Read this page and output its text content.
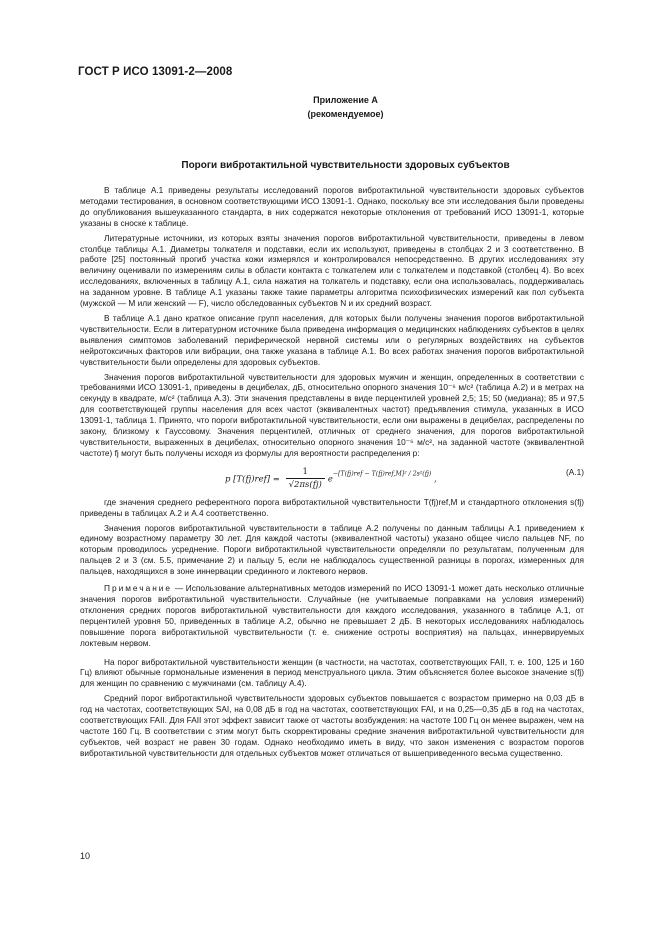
ГОСТ Р ИСО 13091-2—2008
Приложение А
(рекомендуемое)
Пороги вибротактильной чувствительности здоровых субъектов

В таблице А.1 приведены результаты исследований порогов вибротактильной чувствительности здоровых субъектов методами тестирования, в основном соответствующими ИСО 13091-1. Однако, поскольку все эти исследования были проведены до опубликования вышеуказанного стандарта, в них содержатся некоторые отклонения от требований ИСО 13091-1, которые указаны в сноске к таблице.

Литературные источники, из которых взяты значения порогов вибротактильной чувствительности, приведены в левом столбце таблицы А.1. Диаметры толкателя и подставки, если их используют, приведены в столбцах 2 и 3 соответственно. В работе [25] постоянный прогиб участка кожи измерялся и контролировался непосредственно. В других исследованиях эту величину оценивали по измерениям силы в области контакта с толкателем или с толкателем и подставкой (столбец 4). Во всех исследованиях, включенных в таблицу А.1, сила нажатия на толкатель и подставку, если она использовалась, поддерживалась на заданном уровне. В таблице А.1 указаны также такие параметры алгоритма психофизических измерений как пол субъекта (мужской — М или женский — F), число обследованных субъектов N и их средний возраст.

В таблице А.1 дано краткое описание групп населения, для которых были получены значения порогов вибротактильной чувствительности. Если в литературном источнике была приведена информация о медицинских наблюдениях субъектов в целях выявления симптомов заболеваний периферической нервной системы или о регулярных воздействиях на субъектов нейротоксичных факторов или вибрации, она также указана в таблице А.1. Во всех работах значения порогов вибротактильной чувствительности были определены для здоровых субъектов.

Значения порогов вибротактильной чувствительности для здоровых мужчин и женщин, определенных в соответствии с требованиями ИСО 13091-1, приведены в децибелах, дБ, относительно опорного значения 10⁻⁶ м/с² (таблица А.2) и в метрах на секунду в квадрате, м/с² (таблица А.3). Эти значения представлены в виде перцентилей уровней 2,5; 15; 50 (медиана); 85 и 97,5 для соответствующей группы населения для всех частот (эквивалентных частот) предъявления стимула, указанных в ИСО 13091-1, таблица 1. Принято, что пороги вибротактильной чувствительности, если они выражены в децибелах, распределены по закону, близкому к Гауссовому. Значения перцентилей, отличных от среднего значения, для порогов вибротактильной чувствительности, выраженных в децибелах, относительно опорного значения 10⁻⁶ м/с², на заданной частоте (эквивалентной частоте) fj могут быть получены исходя из формулы для вероятности распределения p:

p $[T(fj)ref] = \frac{1}{√2\pi s(fj)} e^{-[T(fj)ref - T(fj)ref,M]^2 / 2s^2(fj)}$ ,
(A.1)

где значения среднего референтного порога вибротактильной чувствительности T(fj)ref,M и стандартного отклонения s(fj) приведены в таблицах А.2 и А.4 соответственно.

Значения порогов вибротактильной чувствительности в таблице А.2 получены по данным таблицы А.1 приведением к единому возрастному параметру 30 лет. Для каждой частоты (эквивалентной частоты) указано общее число пальцев NF, по которым проводилось усреднение. Пороги вибротактильной чувствительности определяли по результатам, полученным для пальцев 2 и 3 (см. 5.5, примечание 2) и пальцу 5, если не наблюдалось существенной разницы в порогах, измеренных для пальцев, находящихся в зоне иннервации срединного и локтевого нервов.

Примечание — Использование альтернативных методов измерений по ИСО 13091-1 может дать несколько отличные значения порогов вибротактильной чувствительности. Случайные (не учитываемые поправками на условия измерений) отклонения средних порогов вибротактильной чувствительности для каждого исследования, указанного в таблице А.1, от перцентилей уровня 50, приведенных в таблице А.2, обычно не превышает 2 дБ. В некоторых исследованиях наблюдалось повышение порога вибротактильной чувствительности (т. е. снижение остроты восприятия) на пальцах, иннервируемых локтевым нервом.

На порог вибротактильной чувствительности женщин (в частности, на частотах, соответствующих FAII, т. е. 100, 125 и 160 Гц) влияют обычные гормональные изменения в период менструального цикла. Этим объясняется более высокое значение s(fj) для женщин по сравнению с мужчинами (см. таблицу А.4).

Средний порог вибротактильной чувствительности здоровых субъектов повышается с возрастом примерно на 0,03 дБ в год на частотах, соответствующих SAI, на 0,08 дБ в год на частотах, соответствующих FAI, и на 0,25—0,35 дБ в год на частотах, соответствующих FAII. Для FAII этот эффект зависит также от частоты возбуждения: на частоте 100 Гц он менее выражен, чем на частоте 160 Гц. В соответствии с этим могут быть скорректированы средние значения вибротактильной чувствительности для субъектов, чей возраст не равен 30 годам. Однако необходимо иметь в виду, что закон изменения с возрастом порогов вибротактильной чувствительности для отдельных субъектов может отличаться от вышеприведенного весьма существенно.

10
